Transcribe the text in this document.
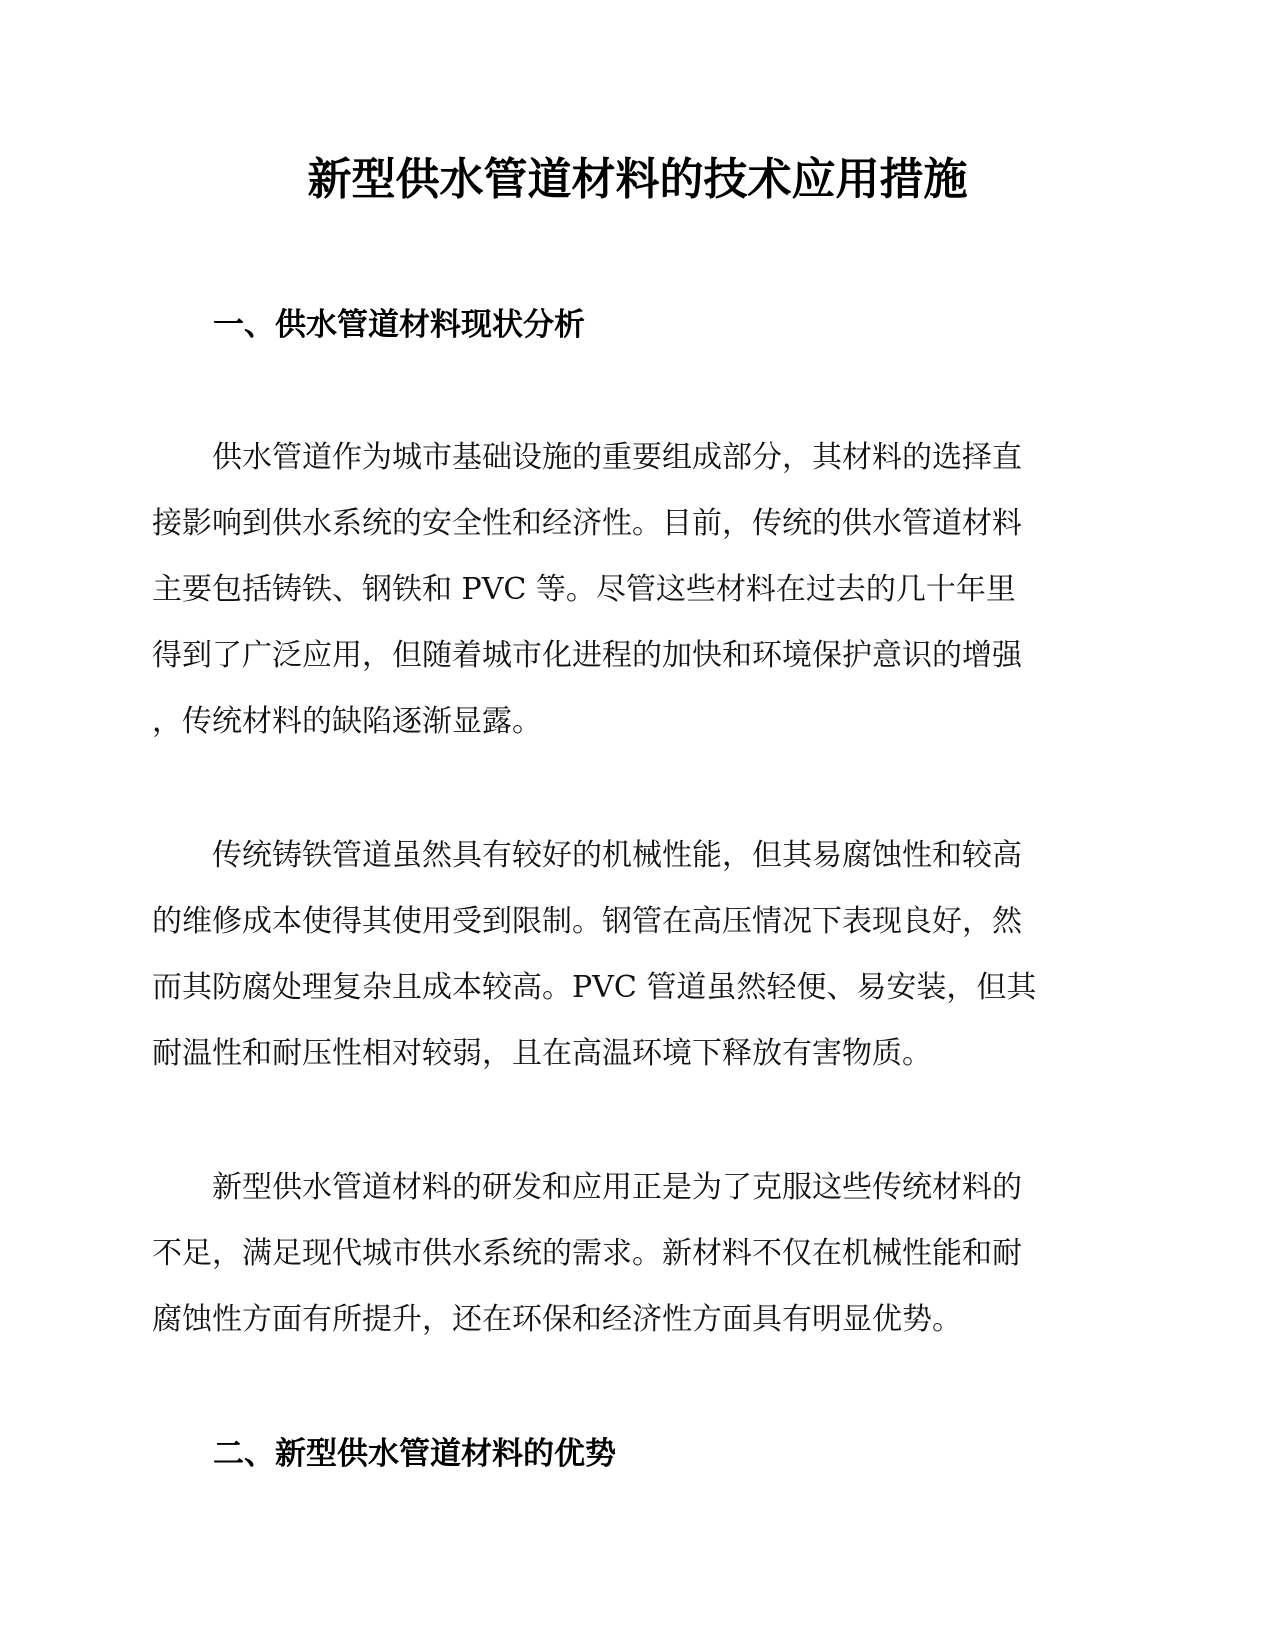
新型供水管道材料的技术应用措施
一、供水管道材料现状分析

　　供水管道作为城市基础设施的重要组成部分，其材料的选择直
接影响到供水系统的安全性和经济性。目前，传统的供水管道材料
主要包括铸铁、钢铁和 PVC 等。尽管这些材料在过去的几十年里
得到了广泛应用，但随着城市化进程的加快和环境保护意识的增强
，传统材料的缺陷逐渐显露。

　　传统铸铁管道虽然具有较好的机械性能，但其易腐蚀性和较高
的维修成本使得其使用受到限制。钢管在高压情况下表现良好，然
而其防腐处理复杂且成本较高。PVC 管道虽然轻便、易安装，但其
耐温性和耐压性相对较弱，且在高温环境下释放有害物质。

　　新型供水管道材料的研发和应用正是为了克服这些传统材料的
不足，满足现代城市供水系统的需求。新材料不仅在机械性能和耐
腐蚀性方面有所提升，还在环保和经济性方面具有明显优势。

二、新型供水管道材料的优势
